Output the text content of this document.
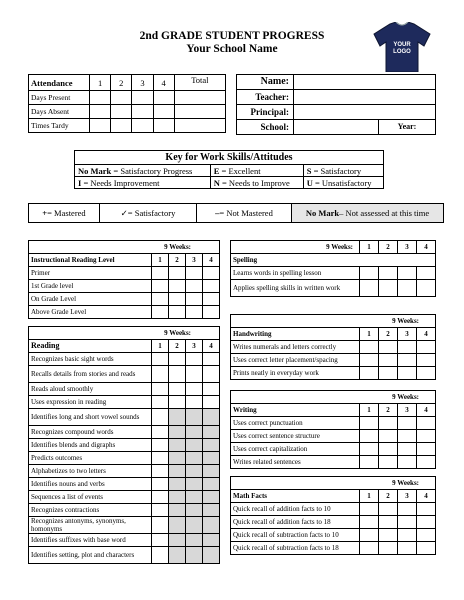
2nd GRADE STUDENT PROGRESS
Your School Name	YOUR LOGO
Attendance	1	2	3	4	Total
Days Present					
Days Absent					
Times Tardy					
Name:		
Teacher:		
Principal:		
School:		Year:
Key for Work Skills/Attitudes		
No Mark = Satisfactory Progress	E = Excellent	S = Satisfactory
I = Needs Improvement	N = Needs to Improve	U = Unsatisfactory
+ = Mastered	✓ = Satisfactory	– = Not Mastered	No Mark – Not assessed at this time
9 Weeks:				
Instructional Reading Level	1	2	3	4
Primer				
1st Grade level				
On Grade Level				
Above Grade Level				
9 Weeks:				
Reading	1	2	3	4
Recognizes basic sight words				
Recalls details from stories and reads				
Reads aloud smoothly				
Uses expression in reading				
Identifies long and short vowel sounds				
Recognizes compound words				
Identifies blends and digraphs				
Predicts outcomes				
Alphabetizes to two letters				
Identifies nouns and verbs				
Sequences a list of events				
Recognizes contractions				
Recognizes antonyms, synonyms, homonyms				
Identifies suffixes with base word				
Identifies setting, plot and characters				
9 Weeks:	1	2	3	4
Spelling				
Learns words in spelling lesson				
Applies spelling skills in written work				
9 Weeks:				
Handwriting	1	2	3	4
Writes numerals and letters correctly				
Uses correct letter placement/spacing				
Prints neatly in everyday work				
9 Weeks:				
Writing	1	2	3	4
Uses correct punctuation				
Uses correct sentence structure				
Uses correct capitalization				
Writes related sentences				
9 Weeks:				
Math Facts	1	2	3	4
Quick recall of addition facts to 10				
Quick recall of addition facts to 18				
Quick recall of subtraction facts to 10				
Quick recall of subtraction facts to 18				
